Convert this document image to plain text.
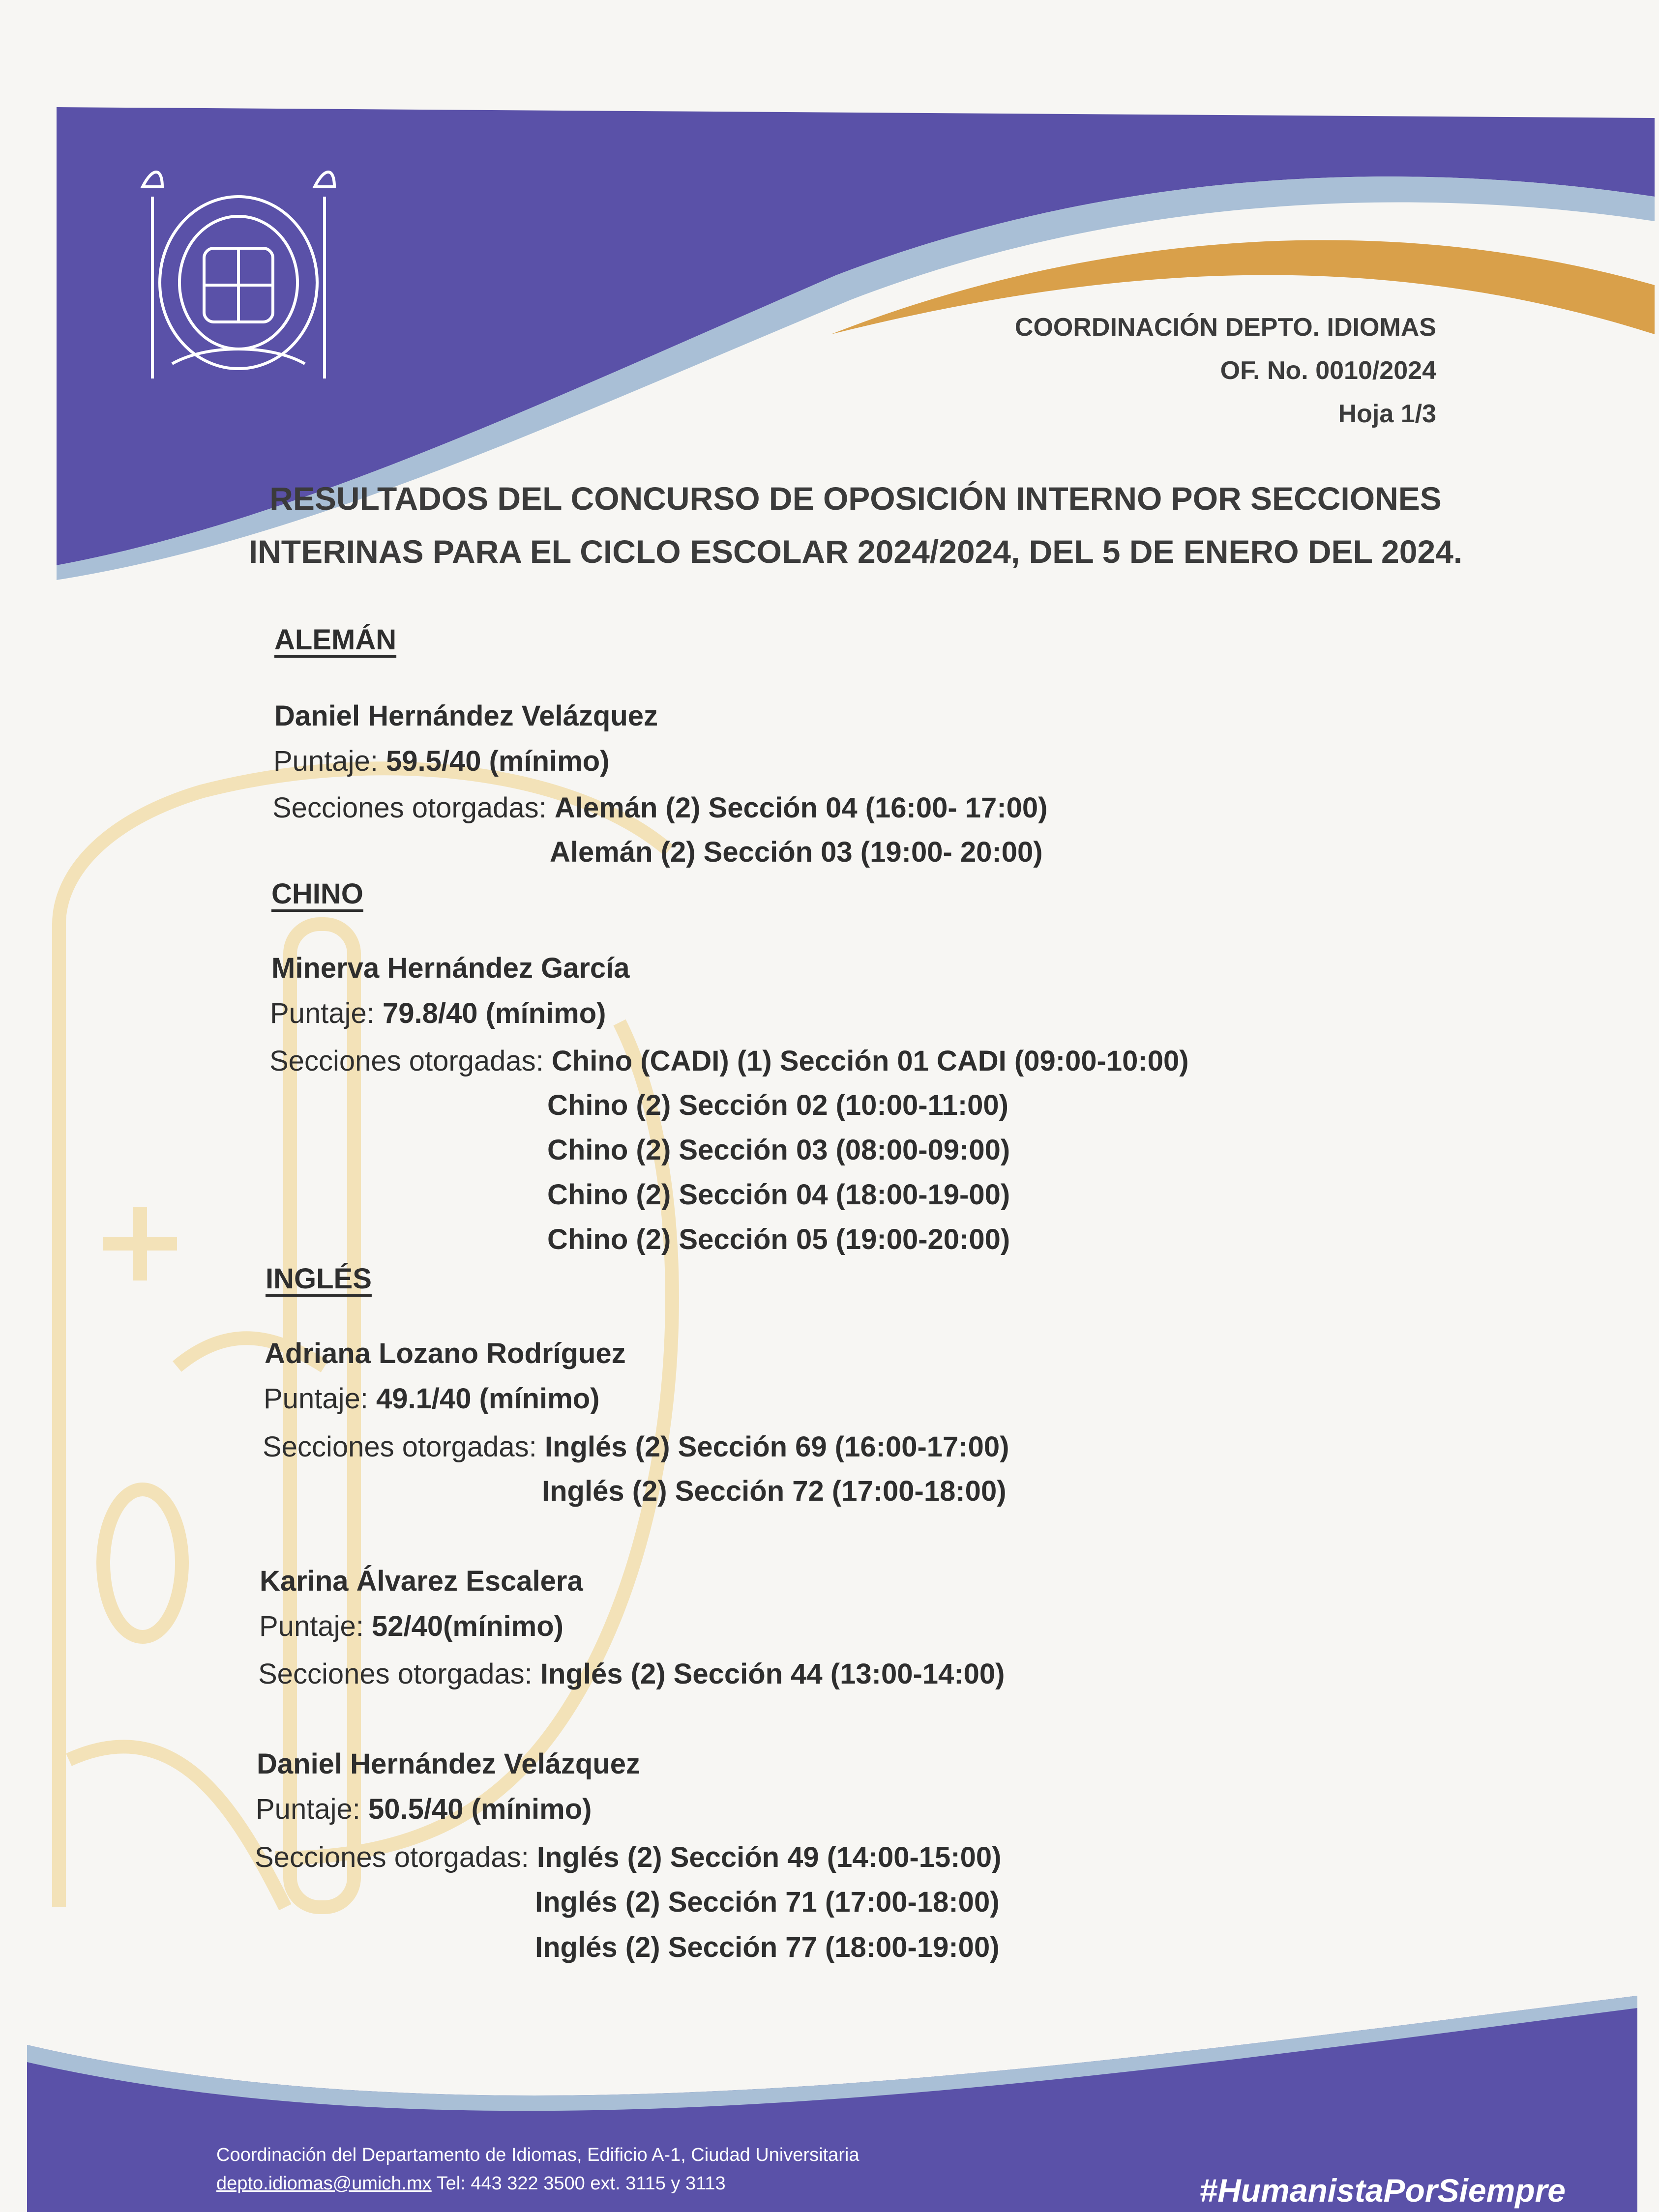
COORDINACIÓN DEPTO. IDIOMAS
OF. No. 0010/2024
Hoja 1/3
RESULTADOS DEL CONCURSO DE OPOSICIÓN INTERNO POR SECCIONES
INTERINAS PARA EL CICLO ESCOLAR 2024/2024, DEL 5 DE ENERO DEL 2024.
ALEMÁN
Daniel Hernández Velázquez
Puntaje: 59.5/40 (mínimo)
Secciones otorgadas: Alemán (2) Sección 04 (16:00- 17:00)
Alemán (2) Sección 03 (19:00- 20:00)
CHINO
Minerva Hernández García
Puntaje: 79.8/40 (mínimo)
Secciones otorgadas: Chino (CADI) (1) Sección 01 CADI (09:00-10:00)
Chino (2) Sección 02 (10:00-11:00)
Chino (2) Sección 03 (08:00-09:00)
Chino (2) Sección 04 (18:00-19-00)
Chino (2) Sección 05 (19:00-20:00)
INGLÉS
Adriana Lozano Rodríguez
Puntaje: 49.1/40 (mínimo)
Secciones otorgadas: Inglés (2) Sección 69 (16:00-17:00)
Inglés (2) Sección 72 (17:00-18:00)
Karina Álvarez Escalera
Puntaje: 52/40(mínimo)
Secciones otorgadas: Inglés (2) Sección 44 (13:00-14:00)
Daniel Hernández Velázquez
Puntaje: 50.5/40 (mínimo)
Secciones otorgadas: Inglés (2) Sección 49 (14:00-15:00)
Inglés (2) Sección 71 (17:00-18:00)
Inglés (2) Sección 77 (18:00-19:00)
Coordinación del Departamento de Idiomas, Edificio A-1, Ciudad Universitaria
depto.idiomas@umich.mx Tel: 443 322 3500 ext. 3115 y 3113	#HumanistaPorSiempre
